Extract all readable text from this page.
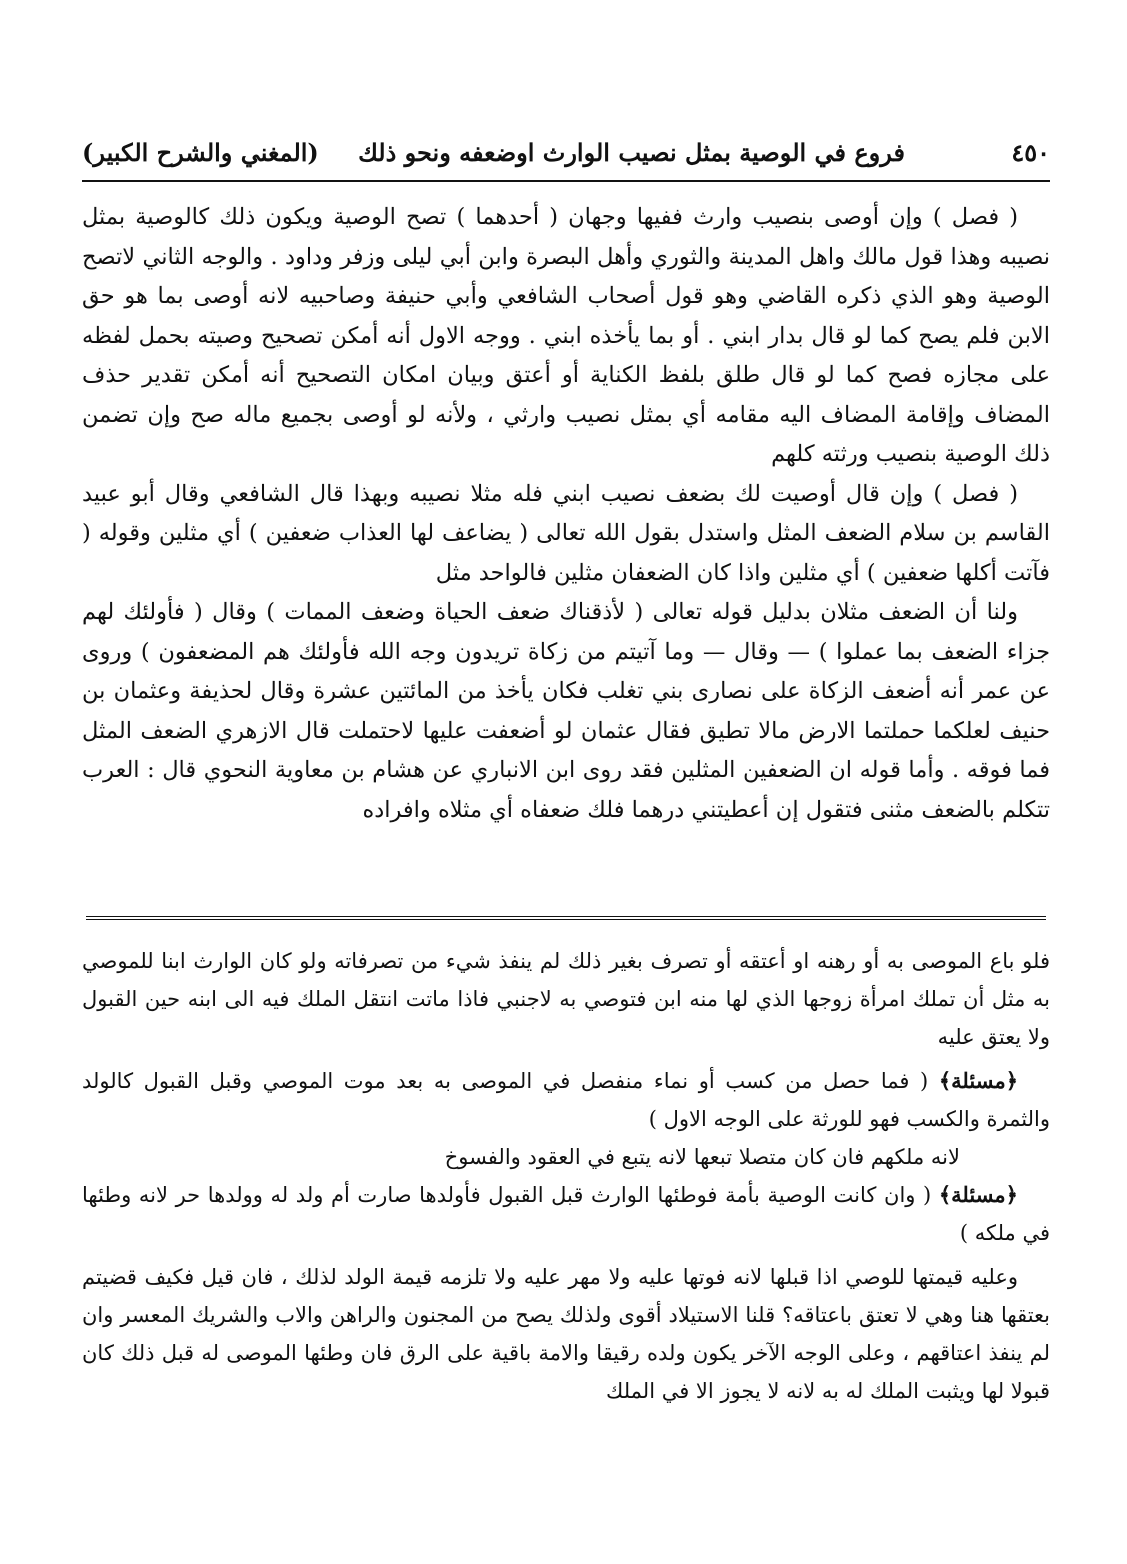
٤٥٠
فروع في الوصية بمثل نصيب الوارث اوضعفه ونحو ذلك
(المغني والشرح الكبير)

( فصل ) وإن أوصى بنصيب وارث ففيها وجهان ( أحدهما ) تصح الوصية ويكون ذلك كالوصية بمثل نصيبه وهذا قول مالك واهل المدينة والثوري وأهل البصرة وابن أبي ليلى وزفر وداود . والوجه الثاني لاتصح الوصية وهو الذي ذكره القاضي وهو قول أصحاب الشافعي وأبي حنيفة وصاحبيه لانه أوصى بما هو حق الابن فلم يصح كما لو قال بدار ابني . أو بما يأخذه ابني . ووجه الاول أنه أمكن تصحيح وصيته بحمل لفظه على مجازه فصح كما لو قال طلق بلفظ الكناية أو أعتق وبيان امكان التصحيح أنه أمكن تقدير حذف المضاف وإقامة المضاف اليه مقامه أي بمثل نصيب وارثي ، ولأنه لو أوصى بجميع ماله صح وإن تضمن ذلك الوصية بنصيب ورثته كلهم

( فصل ) وإن قال أوصيت لك بضعف نصيب ابني فله مثلا نصيبه وبهذا قال الشافعي وقال أبو عبيد القاسم بن سلام الضعف المثل واستدل بقول الله تعالى ( يضاعف لها العذاب ضعفين ) أي مثلين وقوله ( فآتت أكلها ضعفين ) أي مثلين واذا كان الضعفان مثلين فالواحد مثل

ولنا أن الضعف مثلان بدليل قوله تعالى ( لأذقناك ضعف الحياة وضعف الممات ) وقال ( فأولئك لهم جزاء الضعف بما عملوا ) — وقال — وما آتيتم من زكاة تريدون وجه الله فأولئك هم المضعفون ) وروى عن عمر أنه أضعف الزكاة على نصارى بني تغلب فكان يأخذ من المائتين عشرة وقال لحذيفة وعثمان بن حنيف لعلكما حملتما الارض مالا تطيق فقال عثمان لو أضعفت عليها لاحتملت قال الازهري الضعف المثل فما فوقه . وأما قوله ان الضعفين المثلين فقد روى ابن الانباري عن هشام بن معاوية النحوي قال : العرب تتكلم بالضعف مثنى فتقول إن أعطيتني درهما فلك ضعفاه أي مثلاه وافراده

فلو باع الموصى به أو رهنه او أعتقه أو تصرف بغير ذلك لم ينفذ شيء من تصرفاته ولو كان الوارث ابنا للموصي به مثل أن تملك امرأة زوجها الذي لها منه ابن فتوصي به لاجنبي فاذا ماتت انتقل الملك فيه الى ابنه حين القبول ولا يعتق عليه

﴿مسئلة﴾ ( فما حصل من كسب أو نماء منفصل في الموصى به بعد موت الموصي وقبل القبول كالولد والثمرة والكسب فهو للورثة على الوجه الاول )

لانه ملكهم فان كان متصلا تبعها لانه يتبع في العقود والفسوخ

﴿مسئلة﴾ ( وان كانت الوصية بأمة فوطئها الوارث قبل القبول فأولدها صارت أم ولد له وولدها حر لانه وطئها في ملكه )

وعليه قيمتها للوصي اذا قبلها لانه فوتها عليه ولا مهر عليه ولا تلزمه قيمة الولد لذلك ، فان قيل فكيف قضيتم بعتقها هنا وهي لا تعتق باعتاقه؟ قلنا الاستيلاد أقوى ولذلك يصح من المجنون والراهن والاب والشريك المعسر وان لم ينفذ اعتاقهم ، وعلى الوجه الآخر يكون ولده رقيقا والامة باقية على الرق فان وطئها الموصى له قبل ذلك كان قبولا لها ويثبت الملك له به لانه لا يجوز الا في الملك
